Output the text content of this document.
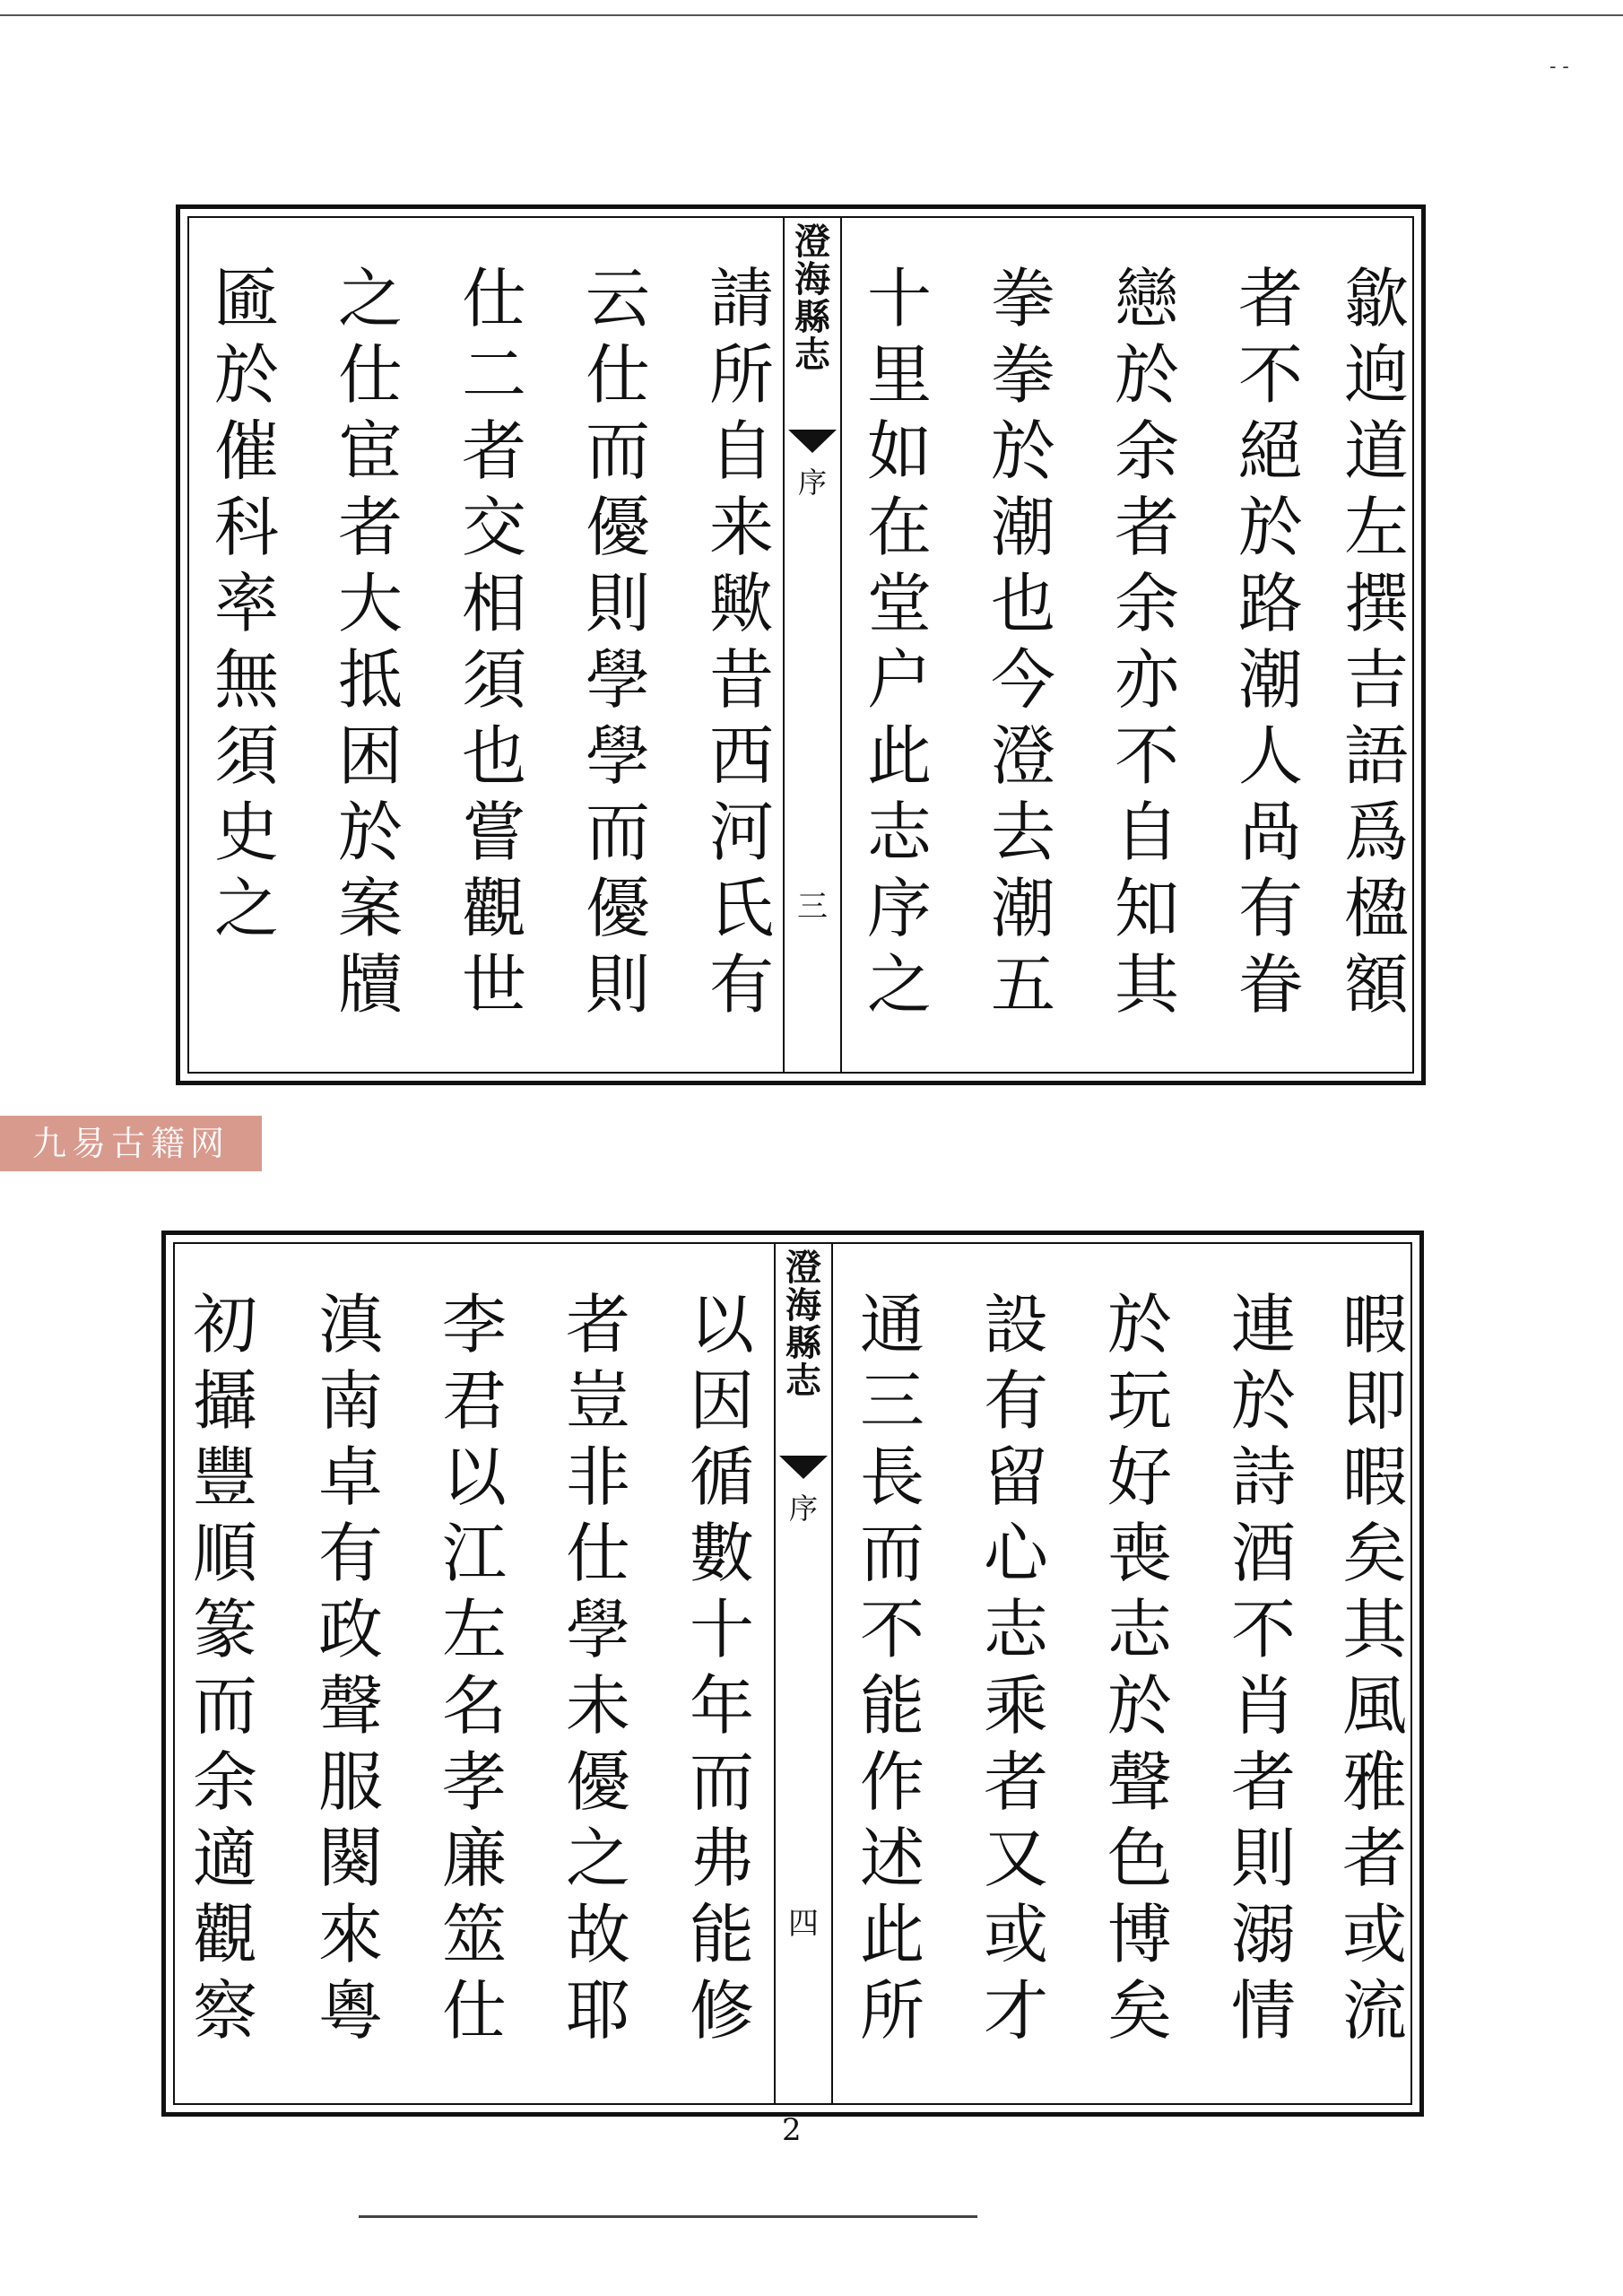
- -
匬於催科率無須史之
之仕宦者大抵困於案牘
仕二者交相須也嘗觀世
云仕而優則學學而優則
請所自来歟昔西河氏有
澄海縣志
序
三
十里如在堂户此志序之
拳拳於潮也今澄去潮五
戀於余者余亦不自知其
者不絕於路潮人咼有眷
歙逈道左撰吉語爲楹額
九易古籍网
初攝豐順篆而余適觀察
滇南卓有政聲服闋來粵
李君以江左名孝廉筮仕
者豈非仕學未優之故耶
以因循數十年而弗能修
澄海縣志
序
四
通三長而不能作述此所
設有留心志乘者又或才
於玩好喪志於聲色博矣
連於詩酒不肖者則溺情
暇即暇矣其風雅者或流
2
